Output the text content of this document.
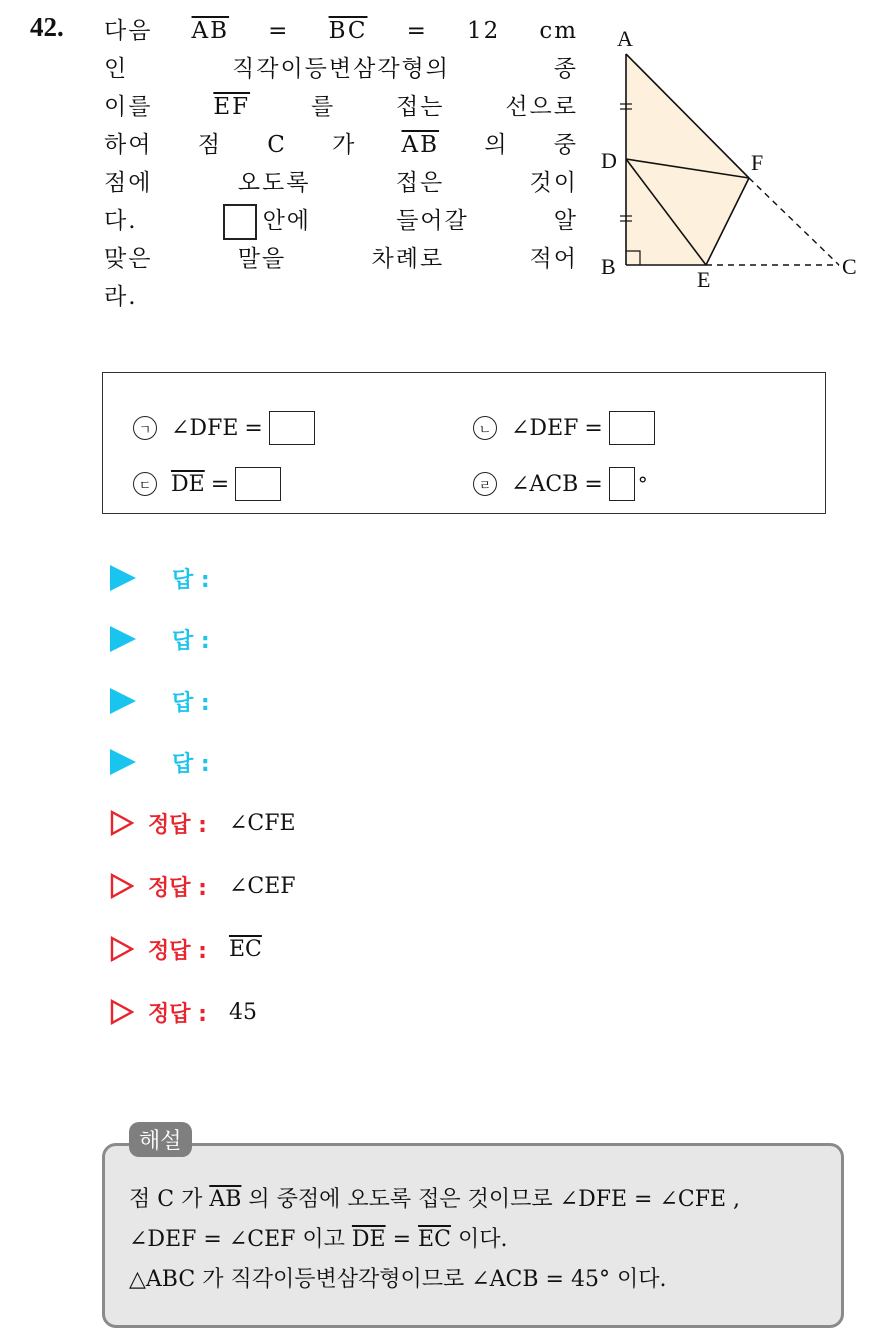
42. 다음 $\overline{AB} = \overline{BC} = 12$ cm
인 직각이등변삼각형의 종
이를	$\overline{EF}$	를 접는 선으로
하여 점 C 가 $\overline{AB}$ 의 중
점에 오도록 접은 것이
다.	안에 들어갈 알
맞은 말을 차례로 적어
라.
A
D
B
E
F
C
ㄱ ∠DFE =	ㄴ ∠DEF =
ㄷ $\overline{DE}$ =	ㄹ ∠ACB = °
답 :
답 :
답 :
답 :
정답 : ∠CFE
정답 : ∠CEF
정답 : $\overline{EC}$
정답 : 45
해설
점 C 가 $\overline{AB}$ 의 중점에 오도록 접은 것이므로 ∠DFE = ∠CFE ,
∠DEF = ∠CEF 이고 $\overline{DE} = \overline{EC}$ 이다.
△ABC 가 직각이등변삼각형이므로 ∠ACB = 45° 이다.
